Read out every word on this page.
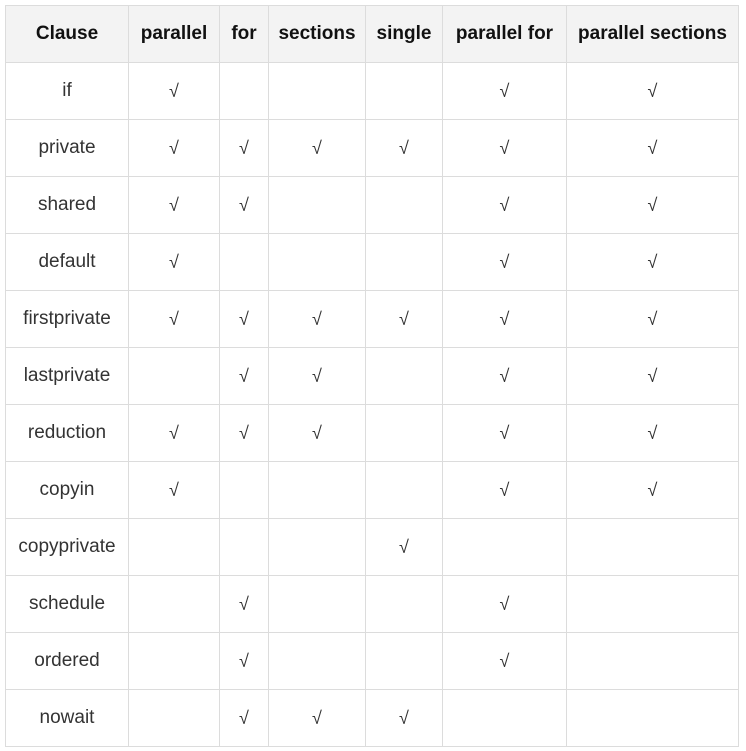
Clause	parallel	for	sections	single	parallel for	parallel sections
if	√				√	√
private	√	√	√	√	√	√
shared	√	√			√	√
default	√				√	√
firstprivate	√	√	√	√	√	√
lastprivate		√	√		√	√
reduction	√	√	√		√	√
copyin	√				√	√
copyprivate				√		
schedule		√			√	
ordered		√			√	
nowait		√	√	√		
